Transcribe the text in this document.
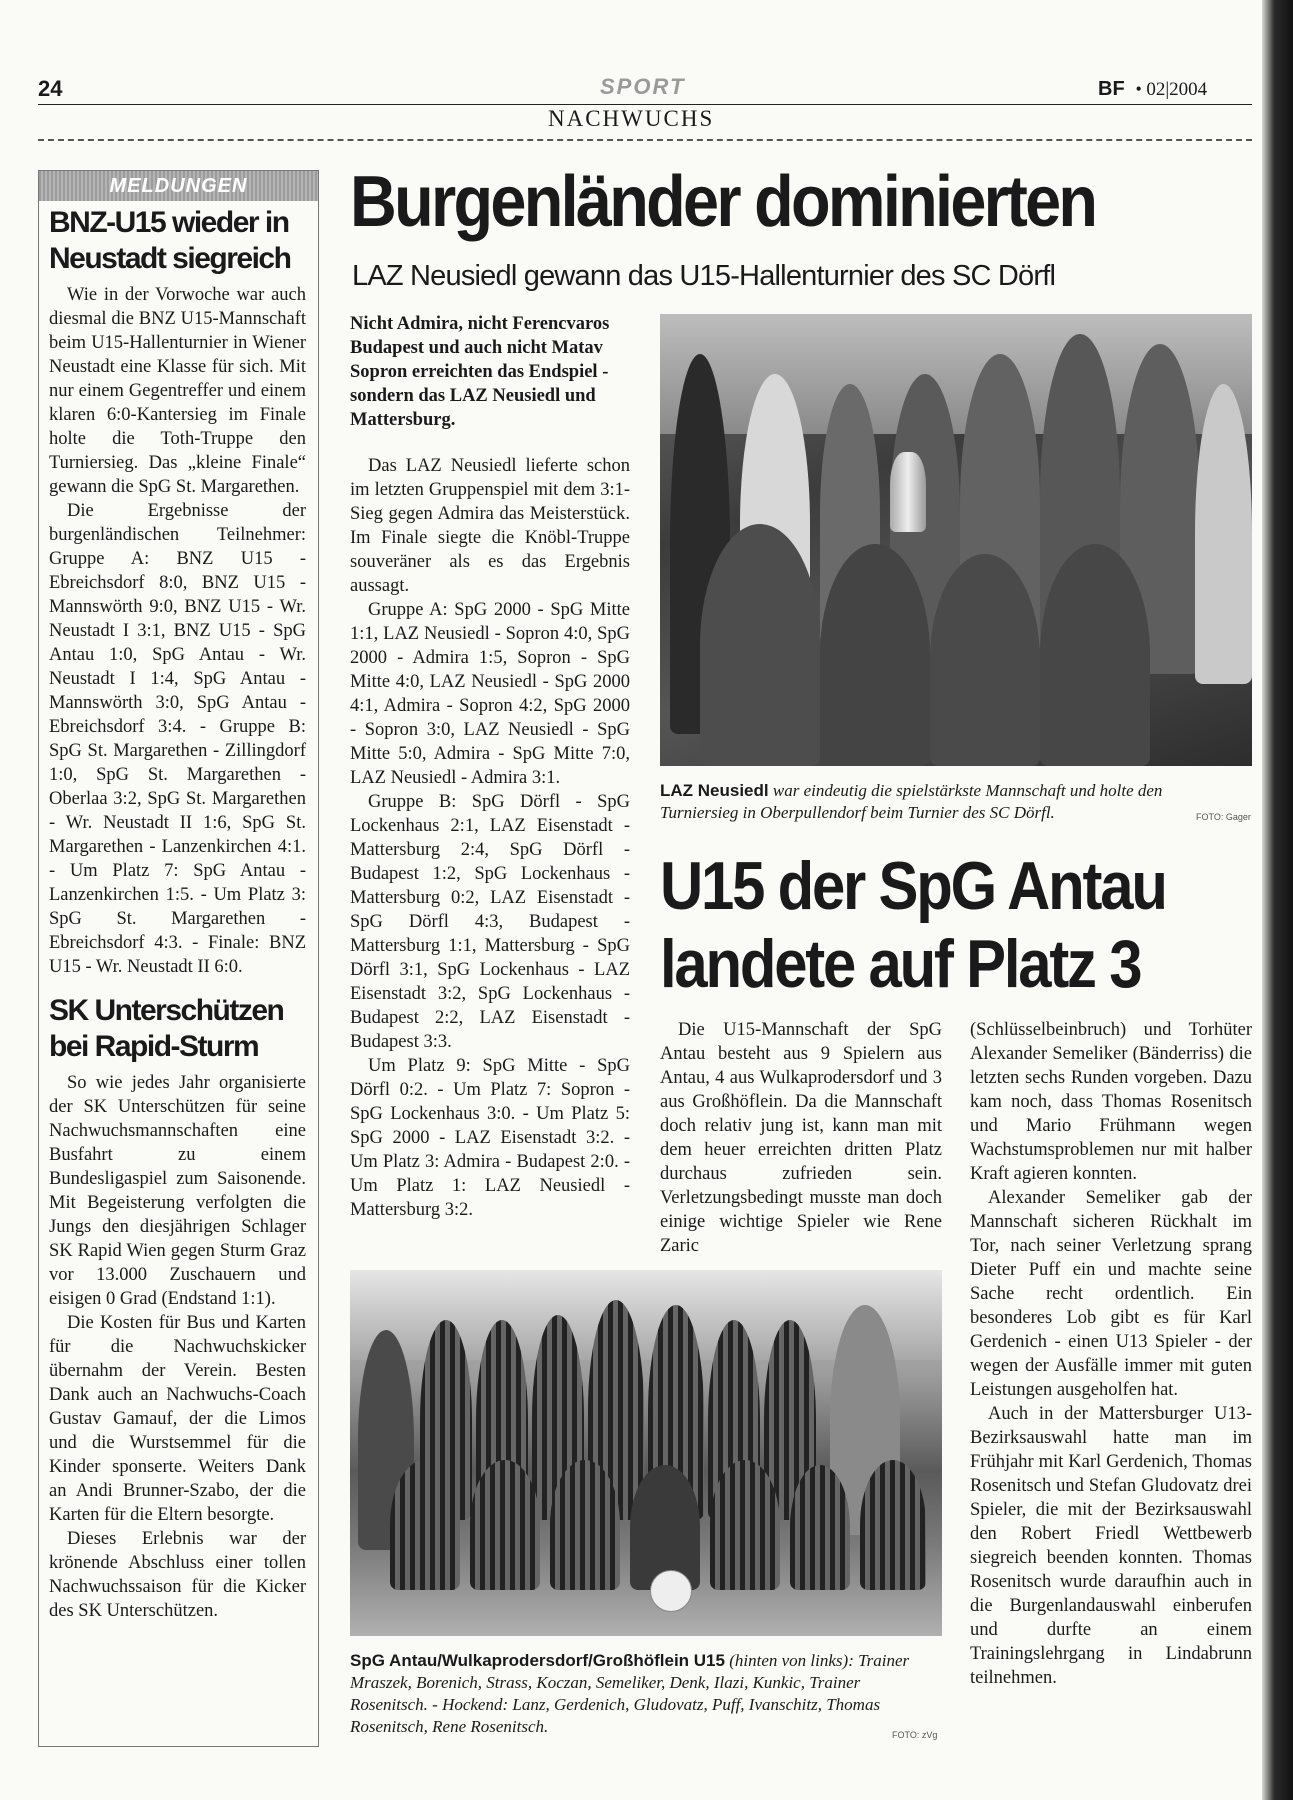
24	SPORT	BF  • 02|2004
NACHWUCHS
MELDUNGEN
BNZ-U15 wieder in Neustadt siegreich

Wie in der Vorwoche war auch diesmal die BNZ U15-Mannschaft beim U15-Hallenturnier in Wiener Neustadt eine Klasse für sich. Mit nur einem Gegentreffer und einem klaren 6:0-Kantersieg im Finale holte die Toth-Truppe den Turniersieg. Das „kleine Finale“ gewann die SpG St. Margarethen.

Die Ergebnisse der burgenländischen Teilnehmer: Gruppe A: BNZ U15 - Ebreichsdorf 8:0, BNZ U15 - Mannswörth 9:0, BNZ U15 - Wr. Neustadt I 3:1, BNZ U15 - SpG Antau 1:0, SpG Antau - Wr. Neustadt I 1:4, SpG Antau - Mannswörth 3:0, SpG Antau - Ebreichsdorf 3:4. - Gruppe B: SpG St. Margarethen - Zillingdorf 1:0, SpG St. Margarethen - Oberlaa 3:2, SpG St. Margarethen - Wr. Neustadt II 1:6, SpG St. Margarethen - Lanzenkirchen 4:1. - Um Platz 7: SpG Antau - Lanzenkirchen 1:5. - Um Platz 3: SpG St. Margarethen - Ebreichsdorf 4:3. - Finale: BNZ U15 - Wr. Neustadt II 6:0.

SK Unterschützen bei Rapid-Sturm

So wie jedes Jahr organisierte der SK Unterschützen für seine Nachwuchsmannschaften eine Busfahrt zu einem Bundesligaspiel zum Saisonende. Mit Begeisterung verfolgten die Jungs den diesjährigen Schlager SK Rapid Wien gegen Sturm Graz vor 13.000 Zuschauern und eisigen 0 Grad (Endstand 1:1).

Die Kosten für Bus und Karten für die Nachwuchskicker übernahm der Verein. Besten Dank auch an Nachwuchs-Coach Gustav Gamauf, der die Limos und die Wurstsemmel für die Kinder sponserte. Weiters Dank an Andi Brunner-Szabo, der die Karten für die Eltern besorgte.

Dieses Erlebnis war der krönende Abschluss einer tollen Nachwuchssaison für die Kicker des SK Unterschützen.

Burgenländer dominierten
LAZ Neusiedl gewann das U15-Hallenturnier des SC Dörfl

Nicht Admira, nicht Ferencvaros Budapest und auch nicht Matav Sopron erreichten das Endspiel - sondern das LAZ Neusiedl und Mattersburg.

Das LAZ Neusiedl lieferte schon im letzten Gruppenspiel mit dem 3:1-Sieg gegen Admira das Meisterstück. Im Finale siegte die Knöbl-Truppe souveräner als es das Ergebnis aussagt.

Gruppe A: SpG 2000 - SpG Mitte 1:1, LAZ Neusiedl - Sopron 4:0, SpG 2000 - Admira 1:5, Sopron - SpG Mitte 4:0, LAZ Neusiedl - SpG 2000 4:1, Admira - Sopron 4:2, SpG 2000 - Sopron 3:0, LAZ Neusiedl - SpG Mitte 5:0, Admira - SpG Mitte 7:0, LAZ Neusiedl - Admira 3:1.

Gruppe B: SpG Dörfl - SpG Lockenhaus 2:1, LAZ Eisenstadt - Mattersburg 2:4, SpG Dörfl - Budapest 1:2, SpG Lockenhaus - Mattersburg 0:2, LAZ Eisenstadt - SpG Dörfl 4:3, Budapest - Mattersburg 1:1, Mattersburg - SpG Dörfl 3:1, SpG Lockenhaus - LAZ Eisenstadt 3:2, SpG Lockenhaus - Budapest 2:2, LAZ Eisenstadt - Budapest 3:3.

Um Platz 9: SpG Mitte - SpG Dörfl 0:2. - Um Platz 7: Sopron - SpG Lockenhaus 3:0. - Um Platz 5: SpG 2000 - LAZ Eisenstadt 3:2. - Um Platz 3: Admira - Budapest 2:0. - Um Platz 1: LAZ Neusiedl - Mattersburg 3:2.

LAZ Neusiedl war eindeutig die spielstärkste Mannschaft und holte den Turniersieg in Oberpullendorf beim Turnier des SC Dörfl.	FOTO: Gager
U15 der SpG Antau
landete auf Platz 3

Die U15-Mannschaft der SpG Antau besteht aus 9 Spielern aus Antau, 4 aus Wulkaprodersdorf und 3 aus Großhöflein. Da die Mannschaft doch relativ jung ist, kann man mit dem heuer erreichten dritten Platz durchaus zufrieden sein. Verletzungsbedingt musste man doch einige wichtige Spieler wie Rene Zaric

(Schlüsselbeinbruch) und Torhüter Alexander Semeliker (Bänderriss) die letzten sechs Runden vorgeben. Dazu kam noch, dass Thomas Rosenitsch und Mario Frühmann wegen Wachstumsproblemen nur mit halber Kraft agieren konnten.

Alexander Semeliker gab der Mannschaft sicheren Rückhalt im Tor, nach seiner Verletzung sprang Dieter Puff ein und machte seine Sache recht ordentlich. Ein besonderes Lob gibt es für Karl Gerdenich - einen U13 Spieler - der wegen der Ausfälle immer mit guten Leistungen ausgeholfen hat.

Auch in der Mattersburger U13-Bezirksauswahl hatte man im Frühjahr mit Karl Gerdenich, Thomas Rosenitsch und Stefan Gludovatz drei Spieler, die mit der Bezirksauswahl den Robert Friedl Wettbewerb siegreich beenden konnten. Thomas Rosenitsch wurde daraufhin auch in die Burgenlandauswahl einberufen und durfte an einem Trainingslehrgang in Lindabrunn teilnehmen.

SpG Antau/Wulkaprodersdorf/Großhöflein U15 (hinten von links): Trainer Mraszek, Borenich, Strass, Koczan, Semeliker, Denk, Ilazi, Kunkic, Trainer Rosenitsch. - Hockend: Lanz, Gerdenich, Gludovatz, Puff, Ivanschitz, Thomas Rosenitsch, Rene Rosenitsch.	FOTO: zVg
